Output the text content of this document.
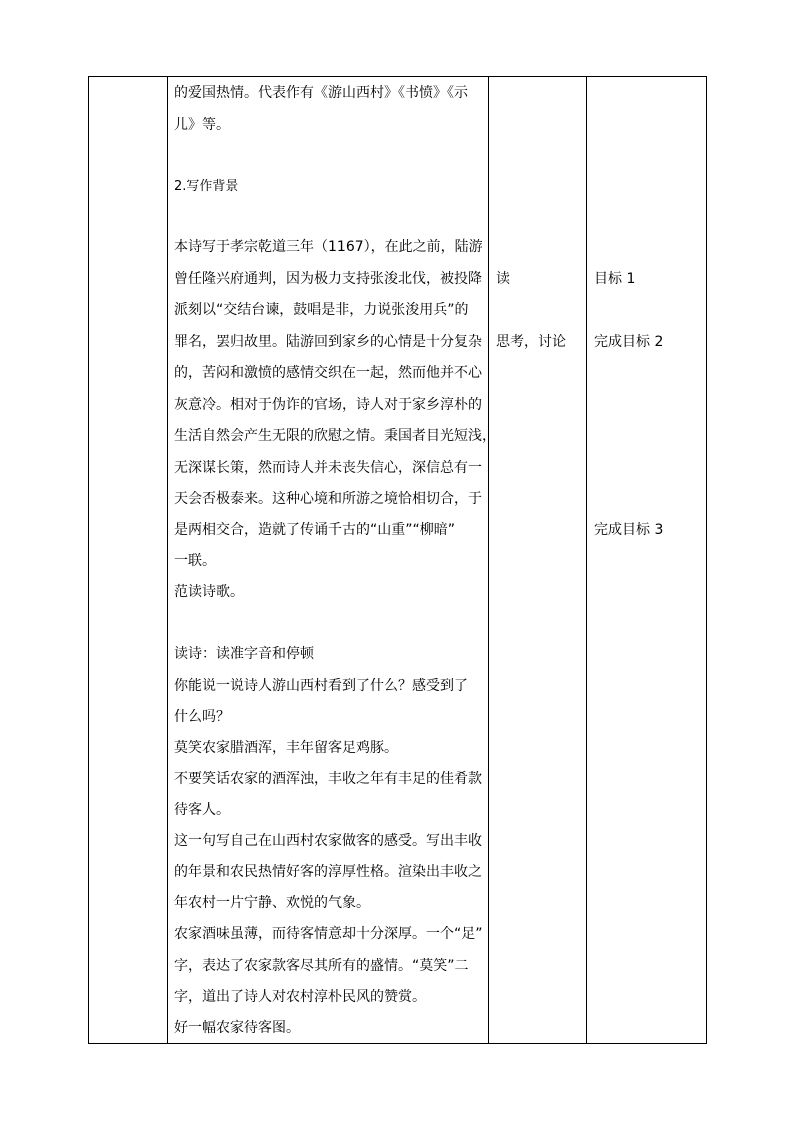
的爱国热情。代表作有《游山西村》《书愤》《示
儿》等。
2.写作背景
本诗写于孝宗乾道三年（1167），在此之前，陆游
曾任隆兴府通判，因为极力支持张浚北伐，被投降
派刻以“交结台谏，鼓唱是非，力说张浚用兵”的
罪名，罢归故里。陆游回到家乡的心情是十分复杂
的，苦闷和激愤的感情交织在一起，然而他并不心
灰意冷。相对于伪诈的官场，诗人对于家乡淳朴的
生活自然会产生无限的欣慰之情。秉国者目光短浅，
无深谋长策，然而诗人并未丧失信心，深信总有一
天会否极泰来。这种心境和所游之境恰相切合，于
是两相交合，造就了传诵千古的“山重”“柳暗”
一联。
范读诗歌。
读诗：读准字音和停顿
你能说一说诗人游山西村看到了什么？感受到了
什么吗？
莫笑农家腊酒浑，丰年留客足鸡豚。
不要笑话农家的酒浑浊，丰收之年有丰足的佳肴款
待客人。
这一句写自己在山西村农家做客的感受。写出丰收
的年景和农民热情好客的淳厚性格。渲染出丰收之
年农村一片宁静、欢悦的气象。
农家酒味虽薄，而待客情意却十分深厚。一个“足”
字，表达了农家款客尽其所有的盛情。“莫笑”二
字，道出了诗人对农村淳朴民风的赞赏。
好一幅农家待客图。
读
思考，讨论
目标 1
完成目标 2
完成目标 3
